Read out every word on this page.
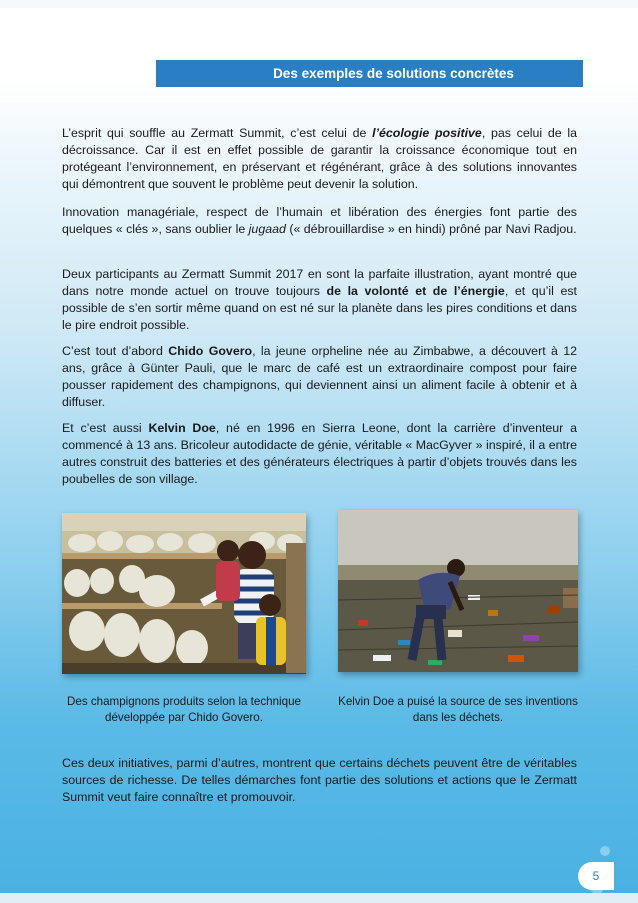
Des exemples de solutions concrètes

L’esprit qui souffle au Zermatt Summit, c’est celui de l’écologie positive, pas celui de la décroissance. Car il est en effet possible de garantir la croissance économique tout en protégeant l’environnement, en préservant et régénérant, grâce à des solutions innovantes qui démontrent que souvent le problème peut devenir la solution.

Innovation managériale, respect de l’humain et libération des énergies font partie des quelques « clés », sans oublier le jugaad (« débrouillardise » en hindi) prôné par Navi Radjou.

Deux participants au Zermatt Summit 2017 en sont la parfaite illustration, ayant montré que dans notre monde actuel on trouve toujours de la volonté et de l’énergie, et qu’il est possible de s’en sortir même quand on est né sur la planète dans les pires conditions et dans le pire endroit possible.

C’est tout d’abord Chido Govero, la jeune orpheline née au Zimbabwe, a découvert à 12 ans, grâce à Günter Pauli, que le marc de café est un extraordinaire compost pour faire pousser rapidement des champignons, qui deviennent ainsi un aliment facile à obtenir et à diffuser.

Et c’est aussi Kelvin Doe, né en 1996 en Sierra Leone, dont la carrière d’inventeur a commencé à 13 ans. Bricoleur autodidacte de génie, véritable « MacGyver » inspiré, il a entre autres construit des batteries et des générateurs électriques à partir d’objets trouvés dans les poubelles de son village.

Des champignons produits selon la technique développée par Chido Govero.
Kelvin Doe a puisé la source de ses inventions dans les déchets.

Ces deux initiatives, parmi d’autres, montrent que certains déchets peuvent être de véritables sources de richesse. De telles démarches font partie des solutions et actions que le Zermatt Summit veut faire connaître et promouvoir.

5
